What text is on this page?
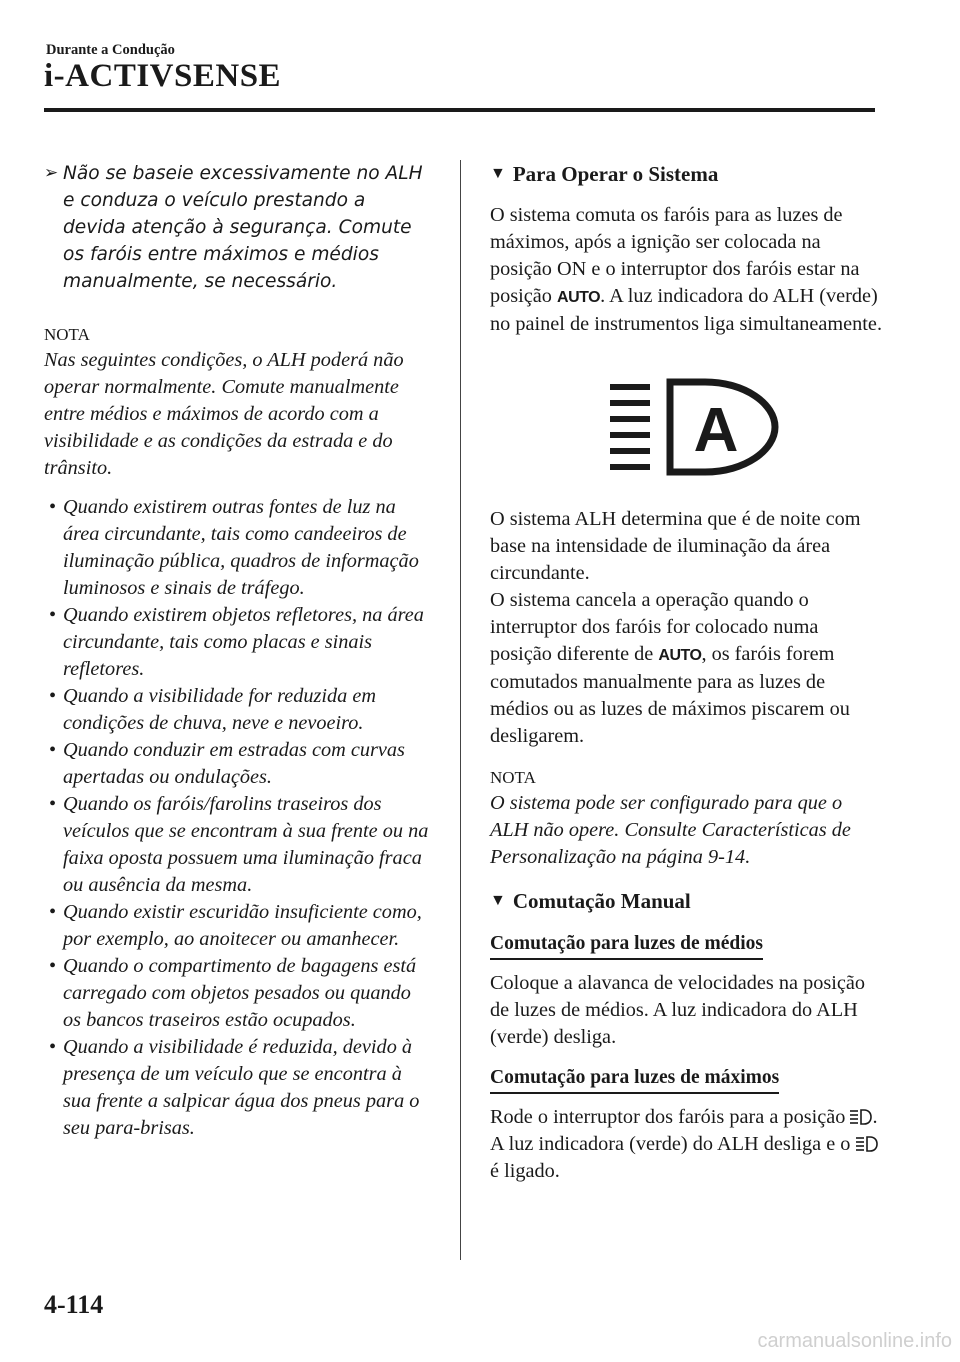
Durante a Condução
i-ACTIVSENSE
➢ Não se baseie excessivamente no ALH e conduza o veículo prestando a devida atenção à segurança. Comute os faróis entre máximos e médios manualmente, se necessário.
NOTA

Nas seguintes condições, o ALH poderá não operar normalmente. Comute manualmente entre médios e máximos de acordo com a visibilidade e as condições da estrada e do trânsito.

• Quando existirem outras fontes de luz na área circundante, tais como candeeiros de iluminação pública, quadros de informação luminosos e sinais de tráfego.
• Quando existirem objetos refletores, na área circundante, tais como placas e sinais refletores.
• Quando a visibilidade for reduzida em condições de chuva, neve e nevoeiro.
• Quando conduzir em estradas com curvas apertadas ou ondulações.
• Quando os faróis/farolins traseiros dos veículos que se encontram à sua frente ou na faixa oposta possuem uma iluminação fraca ou ausência da mesma.
• Quando existir escuridão insuficiente como, por exemplo, ao anoitecer ou amanhecer.
• Quando o compartimento de bagagens está carregado com objetos pesados ou quando os bancos traseiros estão ocupados.
• Quando a visibilidade é reduzida, devido à presença de um veículo que se encontra à sua frente a salpicar água dos pneus para o seu para-brisas.
▼ Para Operar o Sistema

O sistema comuta os faróis para as luzes de máximos, após a ignição ser colocada na posição ON e o interruptor dos faróis estar na posição AUTO. A luz indicadora do ALH (verde) no painel de instrumentos liga simultaneamente.

A

O sistema ALH determina que é de noite com base na intensidade de iluminação da área circundante.

O sistema cancela a operação quando o interruptor dos faróis for colocado numa posição diferente de AUTO, os faróis forem comutados manualmente para as luzes de médios ou as luzes de máximos piscarem ou desligarem.

NOTA

O sistema pode ser configurado para que o ALH não opere. Consulte Características de Personalização na página 9-14.

▼ Comutação Manual
Comutação para luzes de médios

Coloque a alavanca de velocidades na posição de luzes de médios. A luz indicadora do ALH (verde) desliga.

Comutação para luzes de máximos

Rode o interruptor dos faróis para a posição .
A luz indicadora (verde) do ALH desliga e o  é ligado.

4-114
carmanualsonline.info
